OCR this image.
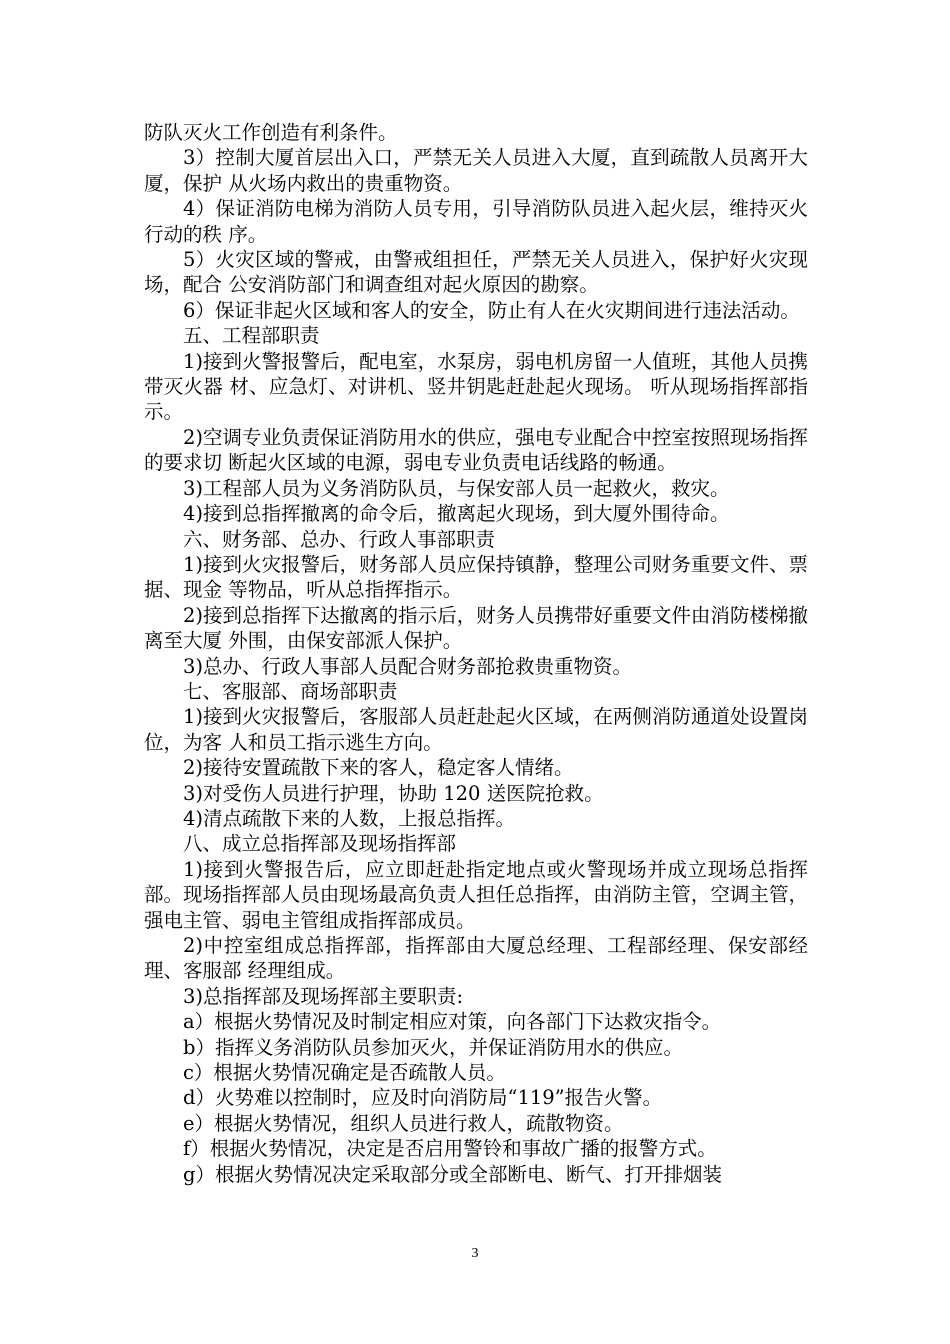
防队灭火工作创造有利条件。

3）控制大厦首层出入口，严禁无关人员进入大厦，直到疏散人员离开大厦，保护 从火场内救出的贵重物资。

4）保证消防电梯为消防人员专用，引导消防队员进入起火层，维持灭火行动的秩 序。

5）火灾区域的警戒，由警戒组担任，严禁无关人员进入，保护好火灾现场，配合 公安消防部门和调查组对起火原因的勘察。

6）保证非起火区域和客人的安全，防止有人在火灾期间进行违法活动。

五、工程部职责

1)接到火警报警后，配电室，水泵房，弱电机房留一人值班，其他人员携带灭火器 材、应急灯、对讲机、竖井钥匙赶赴起火现场。 听从现场指挥部指示。

2)空调专业负责保证消防用水的供应，强电专业配合中控室按照现场指挥的要求切 断起火区域的电源，弱电专业负责电话线路的畅通。

3)工程部人员为义务消防队员，与保安部人员一起救火，救灾。

4)接到总指挥撤离的命令后，撤离起火现场，到大厦外围待命。

六、财务部、总办、行政人事部职责

1)接到火灾报警后，财务部人员应保持镇静，整理公司财务重要文件、票据、现金 等物品，听从总指挥指示。

2)接到总指挥下达撤离的指示后，财务人员携带好重要文件由消防楼梯撤离至大厦 外围，由保安部派人保护。

3)总办、行政人事部人员配合财务部抢救贵重物资。

七、客服部、商场部职责

1)接到火灾报警后，客服部人员赶赴起火区域，在两侧消防通道处设置岗位，为客 人和员工指示逃生方向。

2)接待安置疏散下来的客人，稳定客人情绪。

3)对受伤人员进行护理，协助 120 送医院抢救。

4)清点疏散下来的人数，上报总指挥。

八、成立总指挥部及现场指挥部

1)接到火警报告后，应立即赶赴指定地点或火警现场并成立现场总指挥部。现场指挥部人员由现场最高负责人担任总指挥，由消防主管，空调主管，强电主管、弱电主管组成指挥部成员。

2)中控室组成总指挥部，指挥部由大厦总经理、工程部经理、保安部经理、客服部 经理组成。

3)总指挥部及现场挥部主要职责:

a）根据火势情况及时制定相应对策，向各部门下达救灾指令。

b）指挥义务消防队员参加灭火，并保证消防用水的供应。

c）根据火势情况确定是否疏散人员。

d）火势难以控制时，应及时向消防局“119”报告火警。

e）根据火势情况，组织人员进行救人，疏散物资。

f）根据火势情况，决定是否启用警铃和事故广播的报警方式。

g）根据火势情况决定采取部分或全部断电、断气、打开排烟装

3
